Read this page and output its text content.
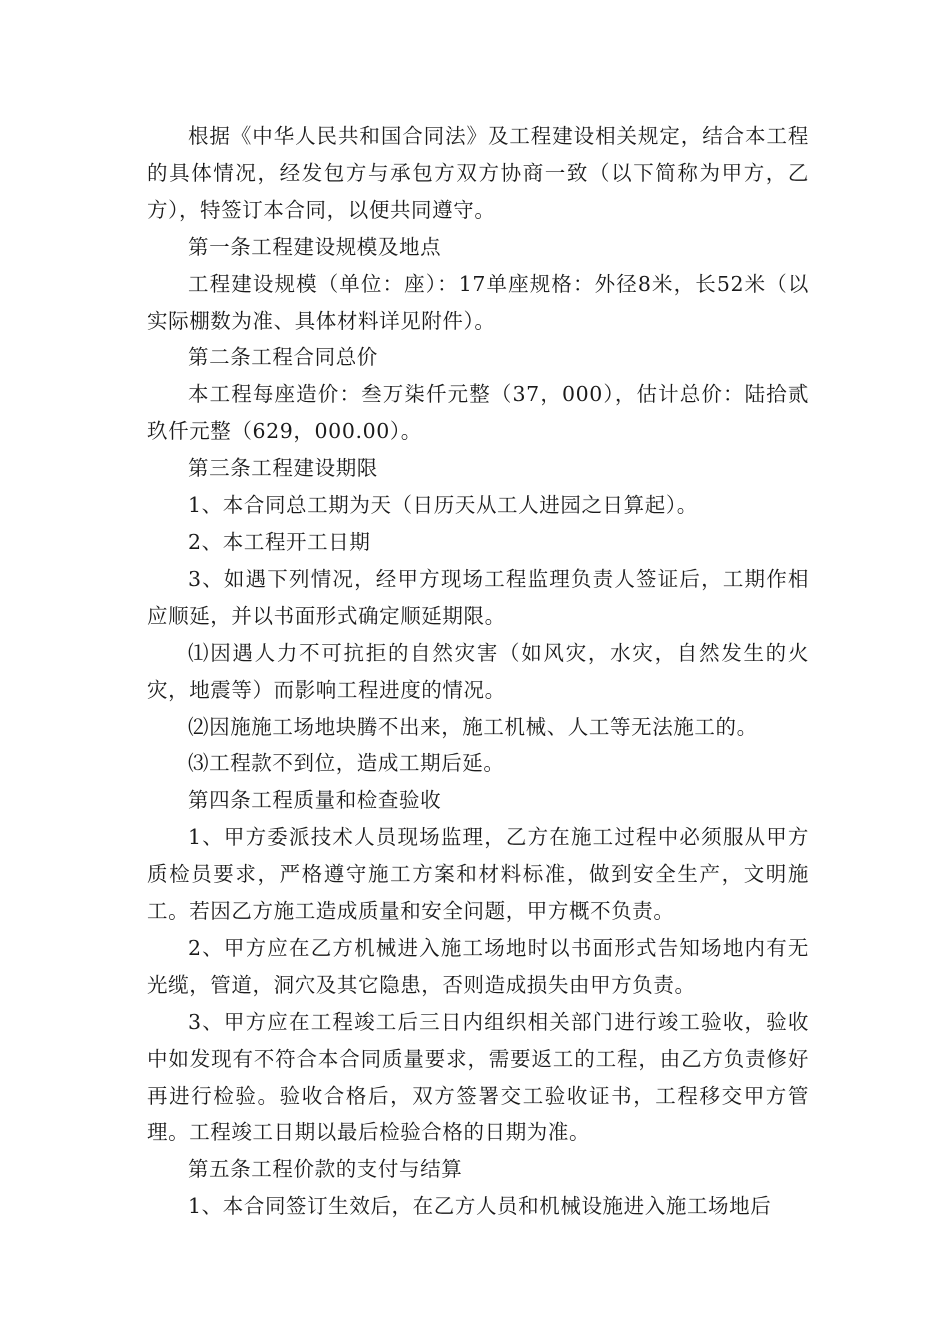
根据《中华人民共和国合同法》及工程建设相关规定，结合本工程的具体情况，经发包方与承包方双方协商一致（以下简称为甲方，乙方），特签订本合同，以便共同遵守。

第一条工程建设规模及地点

工程建设规模（单位：座）：17单座规格：外径8米，长52米（以实际棚数为准、具体材料详见附件）。

第二条工程合同总价

本工程每座造价：叁万柒仟元整（37，000），估计总价：陆拾贰玖仟元整（629，000.00）。

第三条工程建设期限

1、本合同总工期为天（日历天从工人进园之日算起）。

2、本工程开工日期

3、如遇下列情况，经甲方现场工程监理负责人签证后，工期作相应顺延，并以书面形式确定顺延期限。

⑴因遇人力不可抗拒的自然灾害（如风灾，水灾，自然发生的火灾，地震等）而影响工程进度的情况。

⑵因施施工场地块腾不出来，施工机械、人工等无法施工的。

⑶工程款不到位，造成工期后延。

第四条工程质量和检查验收

1、甲方委派技术人员现场监理，乙方在施工过程中必须服从甲方质检员要求，严格遵守施工方案和材料标准，做到安全生产，文明施工。若因乙方施工造成质量和安全问题，甲方概不负责。

2、甲方应在乙方机械进入施工场地时以书面形式告知场地内有无光缆，管道，洞穴及其它隐患，否则造成损失由甲方负责。

3、甲方应在工程竣工后三日内组织相关部门进行竣工验收，验收中如发现有不符合本合同质量要求，需要返工的工程，由乙方负责修好再进行检验。验收合格后，双方签署交工验收证书，工程移交甲方管理。工程竣工日期以最后检验合格的日期为准。

第五条工程价款的支付与结算

1、本合同签订生效后，在乙方人员和机械设施进入施工场地后
